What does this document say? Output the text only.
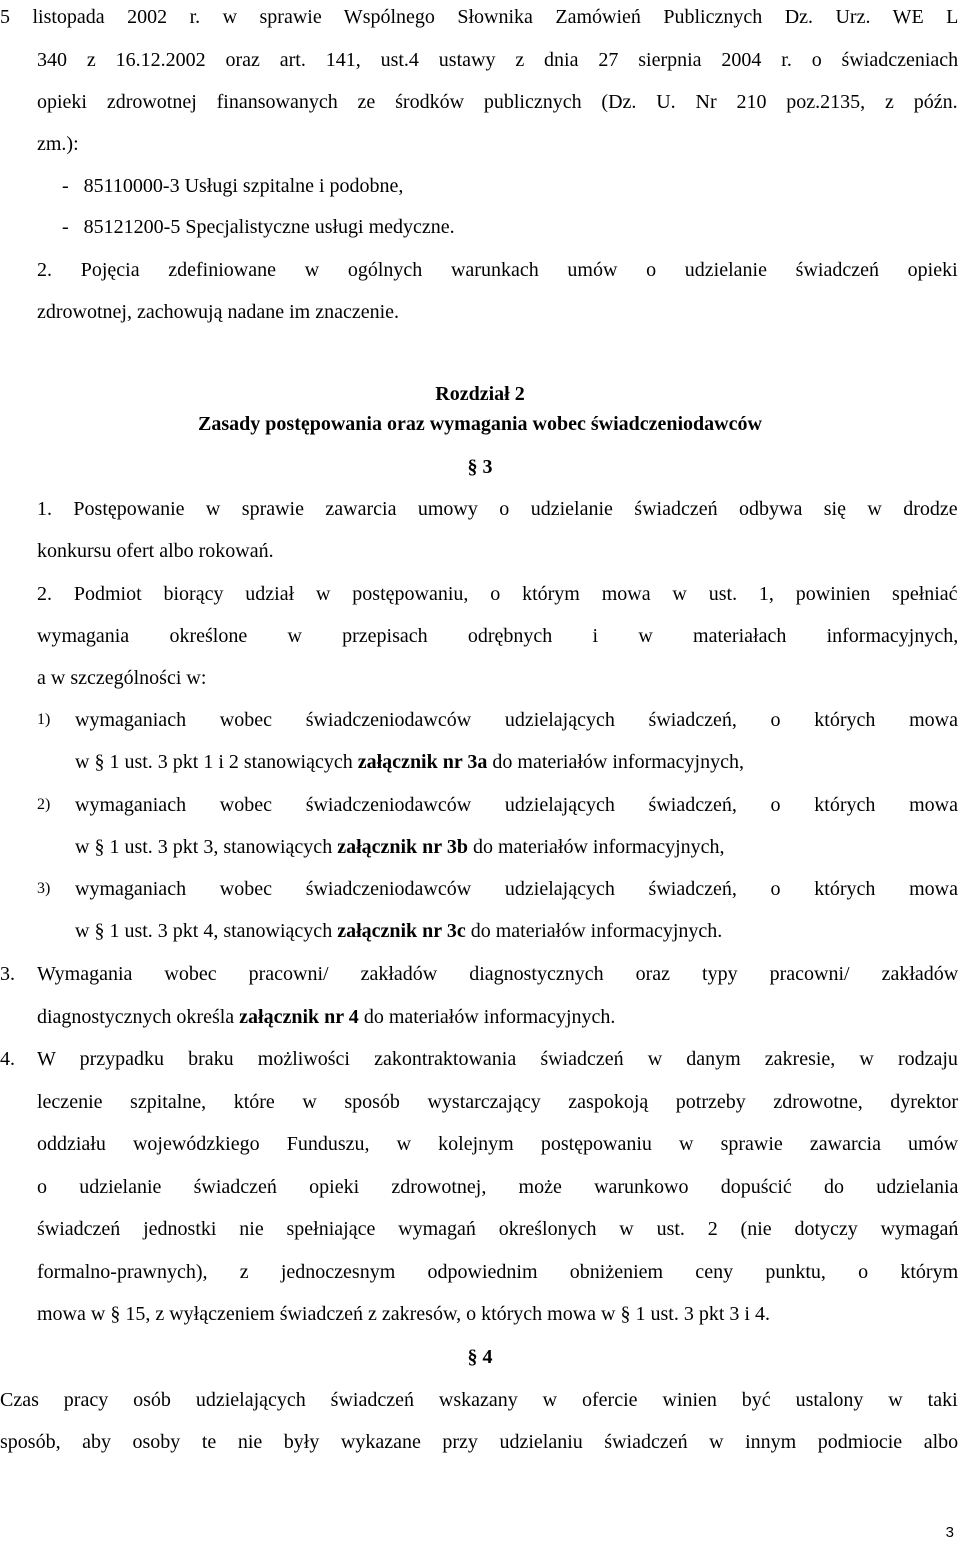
5 listopada 2002 r. w sprawie Wspólnego Słownika Zamówień Publicznych Dz. Urz. WE L
340 z 16.12.2002 oraz art. 141, ust.4 ustawy z dnia 27 sierpnia 2004 r. o świadczeniach
opieki zdrowotnej finansowanych ze środków publicznych (Dz. U. Nr 210 poz.2135, z późn.
zm.):
-   85110000-3 Usługi szpitalne i podobne,
-   85121200-5 Specjalistyczne usługi medyczne.
2. Pojęcia zdefiniowane w ogólnych warunkach umów o udzielanie świadczeń opieki
zdrowotnej, zachowują nadane im znaczenie.
Rozdział 2
Zasady postępowania oraz wymagania wobec świadczeniodawców
§ 3
1. Postępowanie w sprawie zawarcia umowy o udzielanie świadczeń odbywa się w drodze
konkursu ofert albo rokowań.
2. Podmiot biorący udział w postępowaniu, o którym mowa w ust. 1, powinien spełniać
wymagania określone w przepisach odrębnych i w materiałach informacyjnych,
a w szczególności w:
1) wymaganiach wobec świadczeniodawców udzielających świadczeń, o których mowa
w § 1 ust. 3 pkt 1 i 2 stanowiących załącznik nr 3a do materiałów informacyjnych,
2) wymaganiach wobec świadczeniodawców udzielających świadczeń, o których mowa
w § 1 ust. 3 pkt 3, stanowiących załącznik nr 3b do materiałów informacyjnych,
3) wymaganiach wobec świadczeniodawców udzielających świadczeń, o których mowa
w § 1 ust. 3 pkt 4, stanowiących załącznik nr 3c do materiałów informacyjnych.
3. Wymagania wobec pracowni/ zakładów diagnostycznych oraz typy pracowni/ zakładów
diagnostycznych określa załącznik nr 4 do materiałów informacyjnych.
4. W przypadku braku możliwości zakontraktowania świadczeń w danym zakresie, w rodzaju
leczenie szpitalne, które w sposób wystarczający zaspokoją potrzeby zdrowotne, dyrektor
oddziału wojewódzkiego Funduszu, w kolejnym postępowaniu w sprawie zawarcia umów
o udzielanie świadczeń opieki zdrowotnej, może warunkowo dopuścić do udzielania
świadczeń jednostki nie spełniające wymagań określonych w ust. 2 (nie dotyczy wymagań
formalno-prawnych), z jednoczesnym odpowiednim obniżeniem ceny punktu, o którym
mowa w § 15, z wyłączeniem świadczeń z zakresów, o których mowa w § 1 ust. 3 pkt 3 i 4.
§ 4
Czas pracy osób udzielających świadczeń wskazany w ofercie winien być ustalony w taki
sposób, aby osoby te nie były wykazane przy udzielaniu świadczeń w innym podmiocie albo
3
